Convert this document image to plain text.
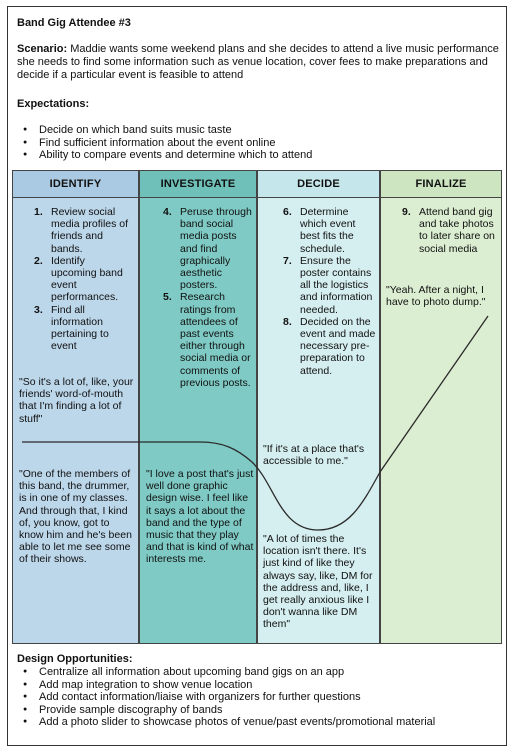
Band Gig Attendee #3
Scenario: Maddie wants some weekend plans and she decides to attend a live music performance she needs to find some information such as venue location, cover fees to make preparations and decide if a particular event is feasible to attend
Expectations:
● Decide on which band suits music taste
● Find sufficient information about the event online
● Ability to compare events and determine which to attend
IDENTIFY
1. Review social media profiles of friends and bands.
2. Identify upcoming band event performances.
3. Find all information pertaining to event
"So it's a lot of, like, your friends' word-of-mouth that I'm finding a lot of stuff"
"One of the members of this band, the drummer, is in one of my classes. And through that, I kind of, you know, got to know him and he's been able to let me see some of their shows.
INVESTIGATE
4. Peruse through band social media posts and find graphically aesthetic posters.
5. Research ratings from attendees of past events either through social media or comments of previous posts.
"I love a post that's just well done graphic design wise. I feel like it says a lot about the band and the type of music that they play and that is kind of what interests me.
DECIDE
6. Determine which event best fits the schedule.
7. Ensure the poster contains all the logistics and information needed.
8. Decided on the event and made necessary pre-preparation to attend.
"If it's at a place that's accessible to me."
"A lot of times the location isn't there. It's just kind of like they always say, like, DM for the address and, like, I get really anxious like I don't wanna like DM them"
FINALIZE
9. Attend band gig and take photos to later share on social media
"Yeah. After a night, I have to photo dump."
Design Opportunities:
● Centralize all information about upcoming band gigs on an app
● Add map integration to show venue location
● Add contact information/liaise with organizers for further questions
● Provide sample discography of bands
● Add a photo slider to showcase photos of venue/past events/promotional material
